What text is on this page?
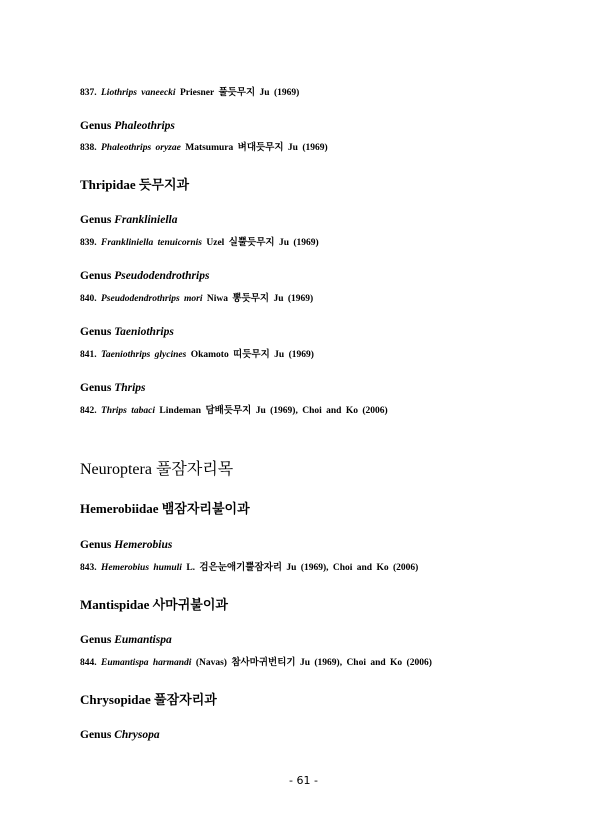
837. Liothrips vaneecki Priesner 풀듯무지 Ju (1969)
Genus Phaleothrips
838. Phaleothrips oryzae Matsumura 벼대듯무지 Ju (1969)
Thripidae 듯무지과
Genus Frankliniella
839. Frankliniella tenuicornis Uzel 실뿔듯무지 Ju (1969)
Genus Pseudodendrothrips
840. Pseudodendrothrips mori Niwa 뽕듯무지 Ju (1969)
Genus Taeniothrips
841. Taeniothrips glycines Okamoto 띠듯무지 Ju (1969)
Genus Thrips
842. Thrips tabaci Lindeman 담배듯무지 Ju (1969), Choi and Ko (2006)
Neuroptera 풀잠자리목
Hemerobiidae 뱀잠자리불이과
Genus Hemerobius
843. Hemerobius humuli L. 검은눈애기뿔잠자리 Ju (1969), Choi and Ko (2006)
Mantispidae 사마귀불이과
Genus Eumantispa
844. Eumantispa harmandi (Navas) 참사마귀번티기 Ju (1969), Choi and Ko (2006)
Chrysopidae 풀잠자리과
Genus Chrysopa
- 61 -
